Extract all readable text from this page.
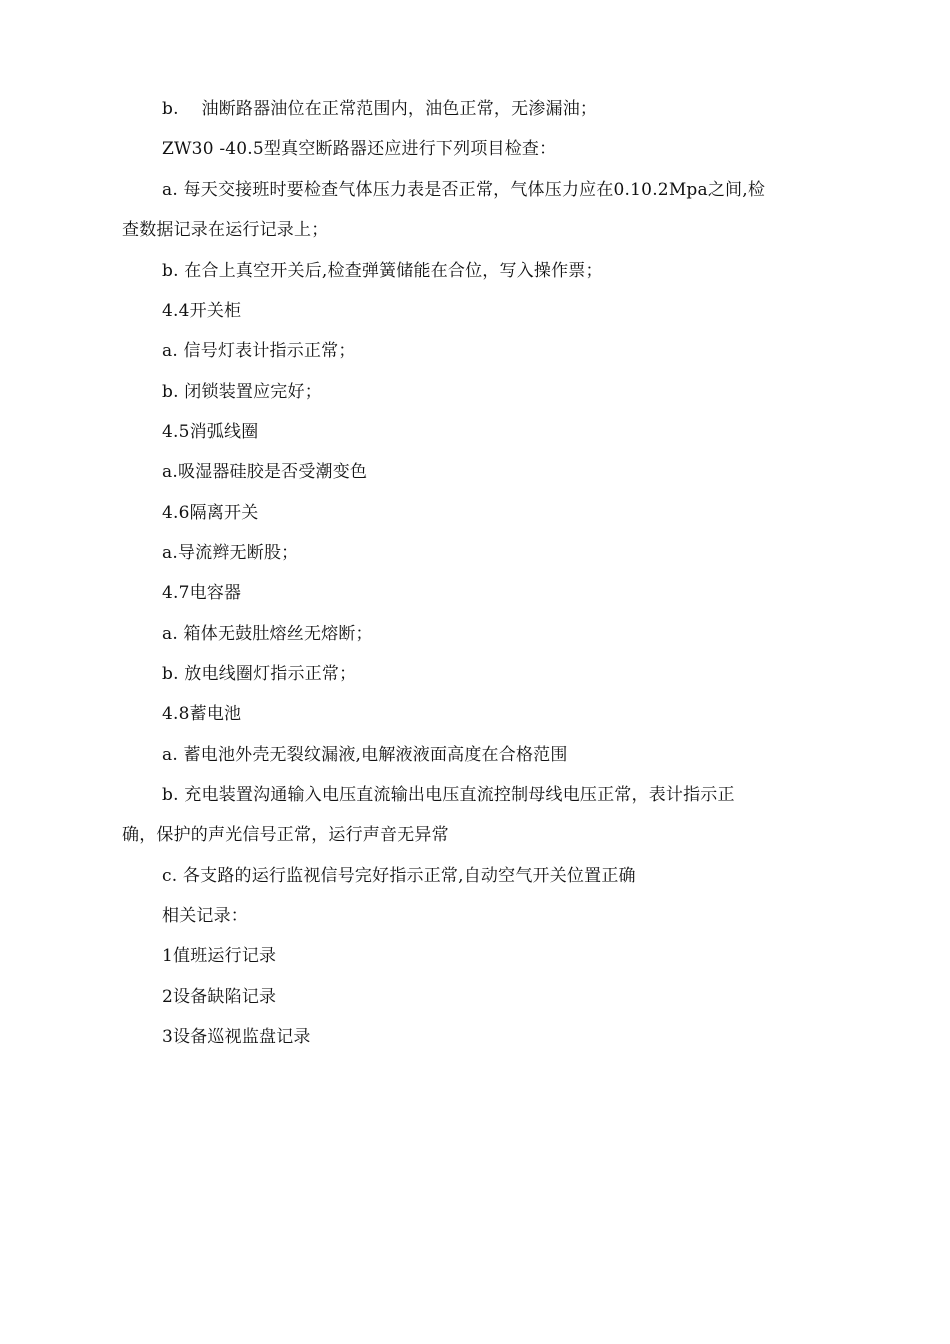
b.　 油断路器油位在正常范围内，油色正常，无渗漏油；
ZW30 -40.5型真空断路器还应进行下列项目检查：
a. 每天交接班时要检查气体压力表是否正常，气体压力应在0.10.2Mpa之间,检
查数据记录在运行记录上；
b. 在合上真空开关后,检查弹簧储能在合位，写入操作票；
4.4开关柜
a. 信号灯表计指示正常；
b. 闭锁装置应完好；
4.5消弧线圈
a.吸湿器硅胶是否受潮变色
4.6隔离开关
a.导流辫无断股；
4.7电容器
a. 箱体无鼓肚熔丝无熔断；
b. 放电线圈灯指示正常；
4.8蓄电池
a. 蓄电池外壳无裂纹漏液,电解液液面高度在合格范围
b. 充电装置沟通输入电压直流输出电压直流控制母线电压正常，表计指示正
确，保护的声光信号正常，运行声音无异常
c. 各支路的运行监视信号完好指示正常,自动空气开关位置正确
相关记录：
1值班运行记录
2设备缺陷记录
3设备巡视监盘记录
